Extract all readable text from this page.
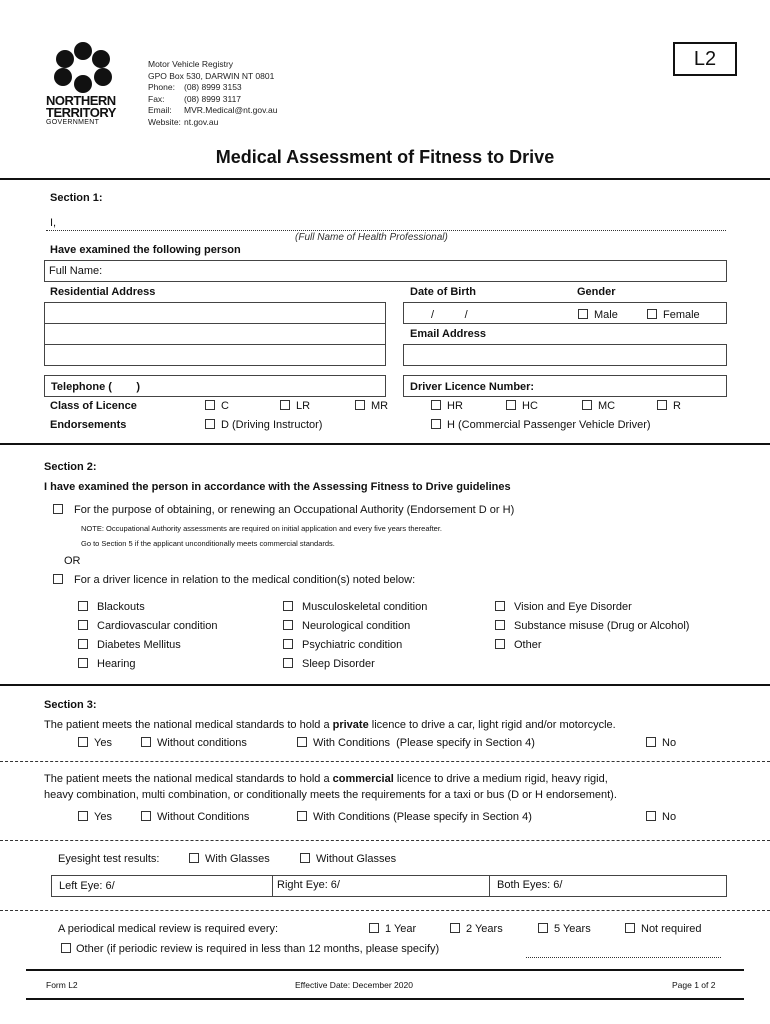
NORTHERN
TERRITORY
GOVERNMENT
Motor Vehicle Registry
GPO Box 530, DARWIN NT 0801
Phone: (08) 8999 3153
Fax: (08) 8999 3117
Email: MVR.Medical@nt.gov.au
Website: nt.gov.au
L2
Medical Assessment of Fitness to Drive
Section 1:
I,
(Full Name of Health Professional)
Have examined the following person
Full Name:
Residential Address	Date of Birth	Gender
/          /	Male	Female
Email Address
Telephone (        )	Driver Licence Number:
Class of Licence	C	LR	MR	HR	HC	MC	R
Endorsements	D (Driving Instructor)	H (Commercial Passenger Vehicle Driver)
Section 2:
I have examined the person in accordance with the Assessing Fitness to Drive guidelines
For the purpose of obtaining, or renewing an Occupational Authority (Endorsement D or H)
NOTE: Occupational Authority assessments are required on initial application and every five years thereafter.
Go to Section 5 if the applicant unconditionally meets commercial standards.
OR
For a driver licence in relation to the medical condition(s) noted below:
Blackouts
Cardiovascular condition
Diabetes Mellitus
Hearing
Musculoskeletal condition
Neurological condition
Psychiatric condition
Sleep Disorder
Vision and Eye Disorder
Substance misuse (Drug or Alcohol)
Other
Section 3:
The patient meets the national medical standards to hold a private licence to drive a car, light rigid and/or motorcycle.
Yes	Without conditions	With Conditions  (Please specify in Section 4)	No
The patient meets the national medical standards to hold a commercial licence to drive a medium rigid, heavy rigid,
heavy combination, multi combination, or conditionally meets the requirements for a taxi or bus (D or H endorsement).
Yes	Without Conditions	With Conditions (Please specify in Section 4)	No
Eyesight test results:	With Glasses	Without Glasses
Left Eye: 6/	Right Eye: 6/	Both Eyes: 6/
A periodical medical review is required every:	1 Year	2 Years	5 Years	Not required
Other (if periodic review is required in less than 12 months, please specify)
Form L2	Effective Date: December 2020	Page 1 of 2
